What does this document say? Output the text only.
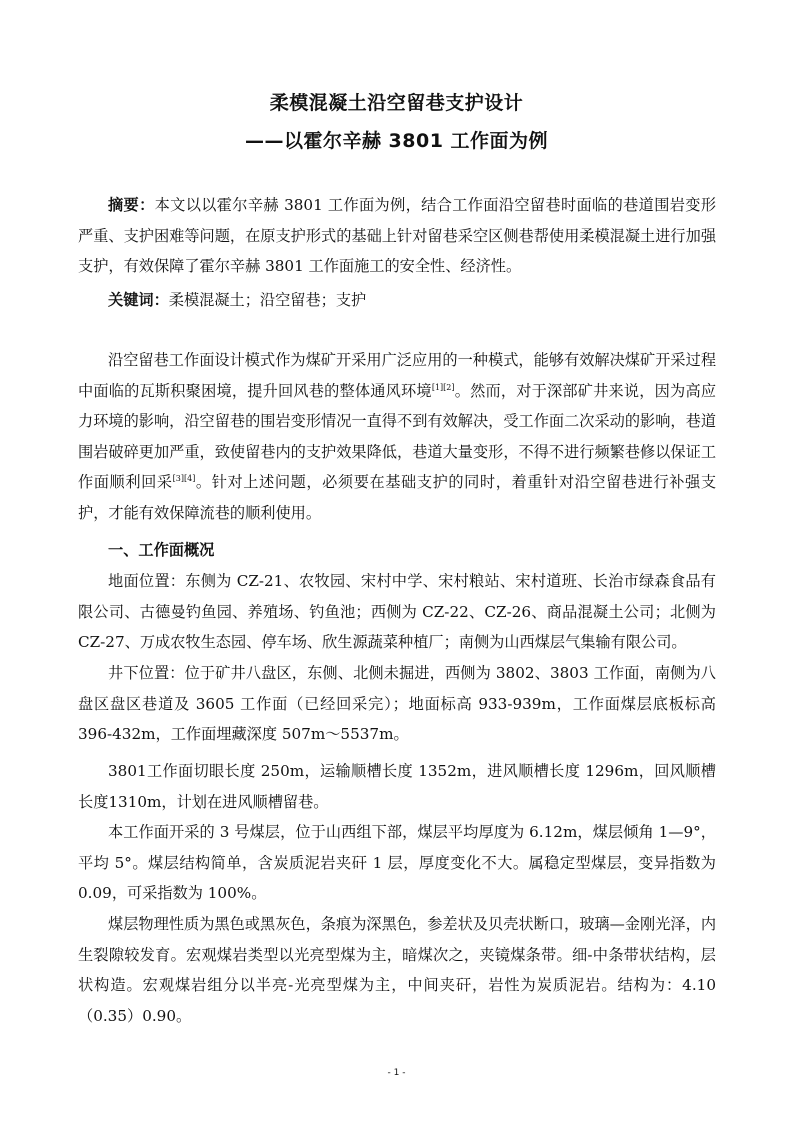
柔模混凝土沿空留巷支护设计
——以霍尔辛赫 3801 工作面为例

摘要：本文以以霍尔辛赫 3801 工作面为例，结合工作面沿空留巷时面临的巷道围岩变形严重、支护困难等问题，在原支护形式的基础上针对留巷采空区侧巷帮使用柔模混凝土进行加强支护，有效保障了霍尔辛赫 3801 工作面施工的安全性、经济性。

关键词：柔模混凝土；沿空留巷；支护

沿空留巷工作面设计模式作为煤矿开采用广泛应用的一种模式，能够有效解决煤矿开采过程中面临的瓦斯积聚困境，提升回风巷的整体通风环境[1][2]。然而，对于深部矿井来说，因为高应力环境的影响，沿空留巷的围岩变形情况一直得不到有效解决，受工作面二次采动的影响，巷道围岩破碎更加严重，致使留巷内的支护效果降低，巷道大量变形，不得不进行频繁巷修以保证工作面顺利回采[3][4]。针对上述问题，必须要在基础支护的同时，着重针对沿空留巷进行补强支护，才能有效保障流巷的顺利使用。

一、工作面概况

地面位置：东侧为 CZ-21、农牧园、宋村中学、宋村粮站、宋村道班、长治市绿森食品有限公司、古德曼钓鱼园、养殖场、钓鱼池；西侧为 CZ-22、CZ-26、商品混凝土公司；北侧为CZ-27、万成农牧生态园、停车场、欣生源蔬菜种植厂；南侧为山西煤层气集输有限公司。

井下位置：位于矿井八盘区，东侧、北侧未掘进，西侧为 3802、3803 工作面，南侧为八盘区盘区巷道及 3605 工作面（已经回采完）；地面标高 933-939m，工作面煤层底板标高396-432m，工作面埋藏深度 507m～5537m。

3801工作面切眼长度 250m，运输顺槽长度 1352m，进风顺槽长度 1296m，回风顺槽长度1310m，计划在进风顺槽留巷。

本工作面开采的 3 号煤层，位于山西组下部，煤层平均厚度为 6.12m，煤层倾角 1—9°，平均 5°。煤层结构简单，含炭质泥岩夹矸 1 层，厚度变化不大。属稳定型煤层，变异指数为 0.09，可采指数为 100%。

煤层物理性质为黑色或黑灰色，条痕为深黑色，参差状及贝壳状断口，玻璃—金刚光泽，内生裂隙较发育。宏观煤岩类型以光亮型煤为主，暗煤次之，夹镜煤条带。细-中条带状结构，层状构造。宏观煤岩组分以半亮-光亮型煤为主，中间夹矸，岩性为炭质泥岩。结构为：4.10（0.35）0.90。

- 1 -
